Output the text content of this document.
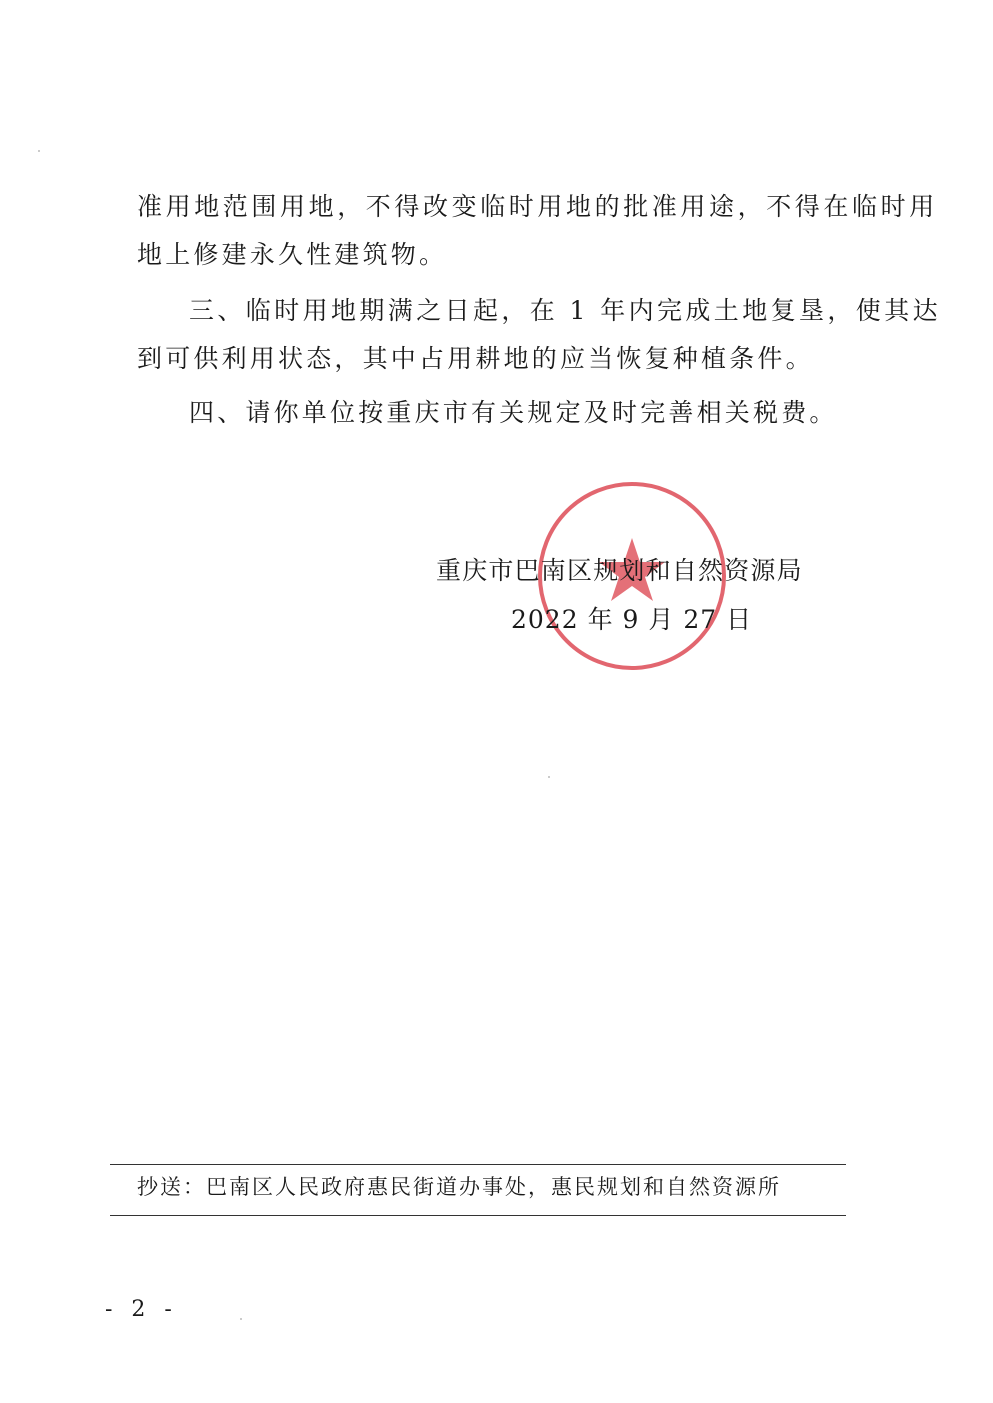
准用地范围用地，不得改变临时用地的批准用途，不得在临时用
地上修建永久性建筑物。
三、临时用地期满之日起，在 1 年内完成土地复垦，使其达
到可供利用状态，其中占用耕地的应当恢复种植条件。
四、请你单位按重庆市有关规定及时完善相关税费。
重庆市巴南区规划和自然资源局
2022 年 9 月 27 日
抄送：巴南区人民政府惠民街道办事处，惠民规划和自然资源所
- 2 -
